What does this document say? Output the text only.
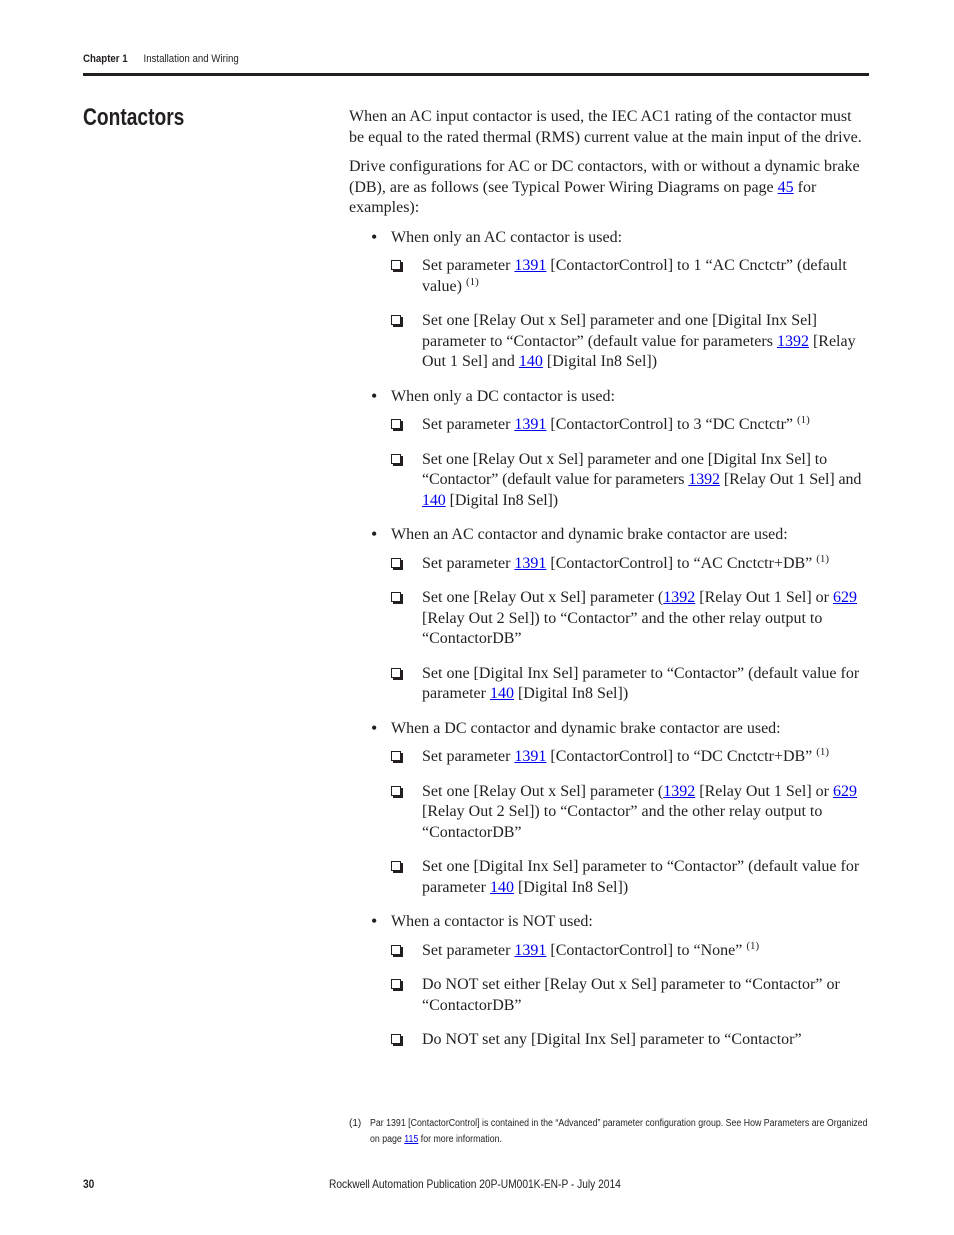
Chapter 1 Installation and Wiring
Contactors	When an AC input contactor is used, the IEC AC1 rating of the contactor must be equal to the rated thermal (RMS) current value at the main input of the drive.

Drive configurations for AC or DC contactors, with or without a dynamic brake (DB), are as follows (see Typical Power Wiring Diagrams on page 45 for examples):

• When only an AC contactor is used:
Set parameter 1391 [ContactorControl] to 1 “AC Cnctctr” (default value) $^{(1)}$
Set one [Relay Out x Sel] parameter and one [Digital Inx Sel] parameter to “Contactor” (default value for parameters 1392 [Relay Out 1 Sel] and 140 [Digital In8 Sel])
• When only a DC contactor is used:
Set parameter 1391 [ContactorControl] to 3 “DC Cnctctr” $^{(1)}$
Set one [Relay Out x Sel] parameter and one [Digital Inx Sel] to “Contactor” (default value for parameters 1392 [Relay Out 1 Sel] and 140 [Digital In8 Sel])
• When an AC contactor and dynamic brake contactor are used:
Set parameter 1391 [ContactorControl] to “AC Cnctctr+DB” $^{(1)}$
Set one [Relay Out x Sel] parameter (1392 [Relay Out 1 Sel] or 629 [Relay Out 2 Sel]) to “Contactor” and the other relay output to “ContactorDB”
Set one [Digital Inx Sel] parameter to “Contactor” (default value for parameter 140 [Digital In8 Sel])
• When a DC contactor and dynamic brake contactor are used:
Set parameter 1391 [ContactorControl] to “DC Cnctctr+DB” $^{(1)}$
Set one [Relay Out x Sel] parameter (1392 [Relay Out 1 Sel] or 629 [Relay Out 2 Sel]) to “Contactor” and the other relay output to “ContactorDB”
Set one [Digital Inx Sel] parameter to “Contactor” (default value for parameter 140 [Digital In8 Sel])
• When a contactor is NOT used:
Set parameter 1391 [ContactorControl] to “None” $^{(1)}$
Do NOT set either [Relay Out x Sel] parameter to “Contactor” or “ContactorDB”
Do NOT set any [Digital Inx Sel] parameter to “Contactor”
(1) Par 1391 [ContactorControl] is contained in the “Advanced” parameter configuration group. See How Parameters are Organized on page 115 for more information.
30	Rockwell Automation Publication 20P-UM001K-EN-P - July 2014
